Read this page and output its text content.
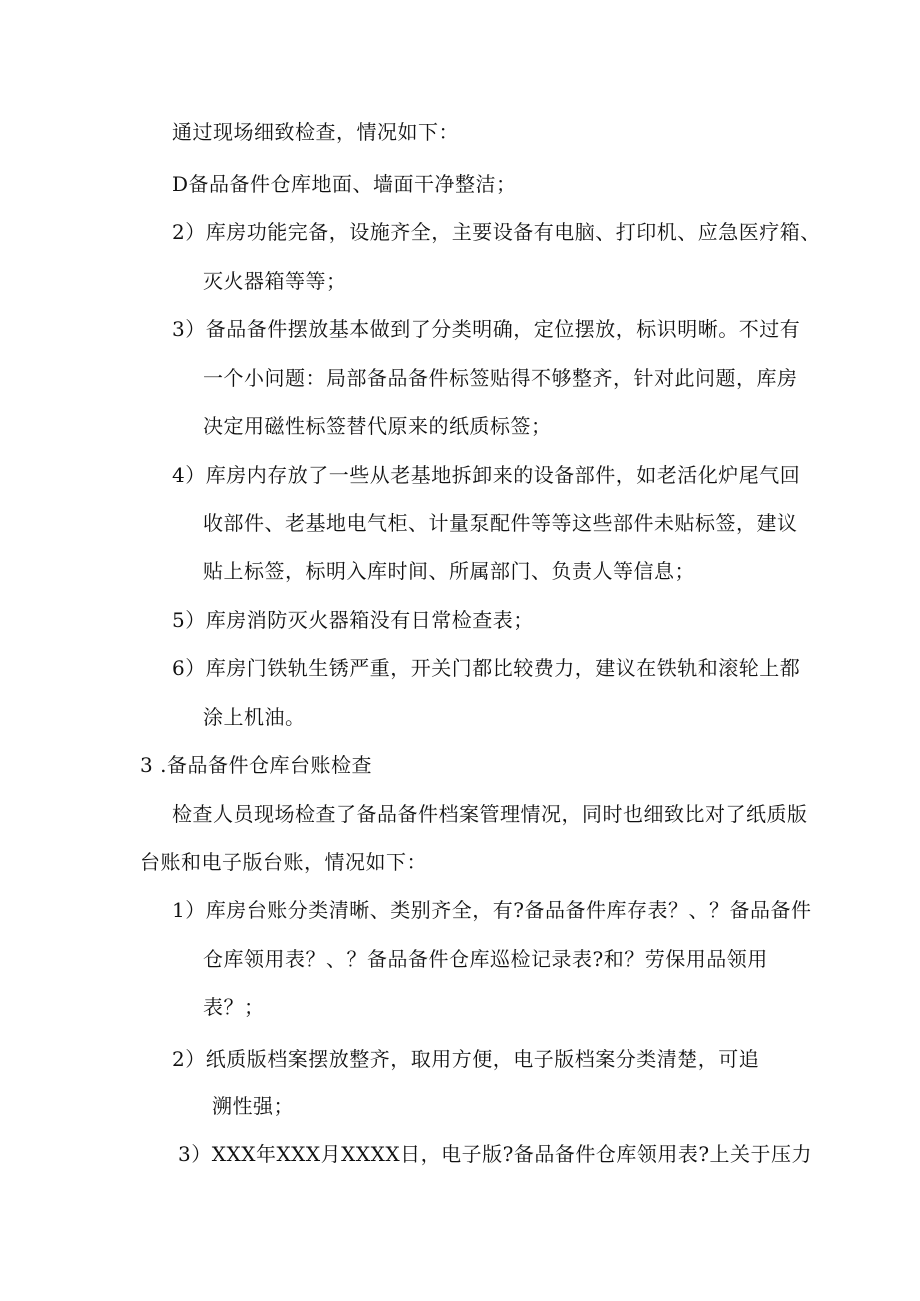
通过现场细致检查，情况如下：
D备品备件仓库地面、墙面干净整洁；
2）库房功能完备，设施齐全，主要设备有电脑、打印机、应急医疗箱、
灭火器箱等等；
3）备品备件摆放基本做到了分类明确，定位摆放，标识明晰。不过有
一个小问题：局部备品备件标签贴得不够整齐，针对此问题，库房
决定用磁性标签替代原来的纸质标签；
4）库房内存放了一些从老基地拆卸来的设备部件，如老活化炉尾气回
收部件、老基地电气柜、计量泵配件等等这些部件未贴标签，建议
贴上标签，标明入库时间、所属部门、负责人等信息；
5）库房消防灭火器箱没有日常检查表；
6）库房门铁轨生锈严重，开关门都比较费力，建议在铁轨和滚轮上都
涂上机油。
3 .备品备件仓库台账检查
检查人员现场检查了备品备件档案管理情况，同时也细致比对了纸质版
台账和电子版台账，情况如下：
1）库房台账分类清晰、类别齐全，有?备品备件库存表？、？备品备件
仓库领用表？、？备品备件仓库巡检记录表?和？劳保用品领用
表？；
2）纸质版档案摆放整齐，取用方便，电子版档案分类清楚，可追
溯性强；
3）XXX年XXX月XXXX日，电子版?备品备件仓库领用表?上关于压力
